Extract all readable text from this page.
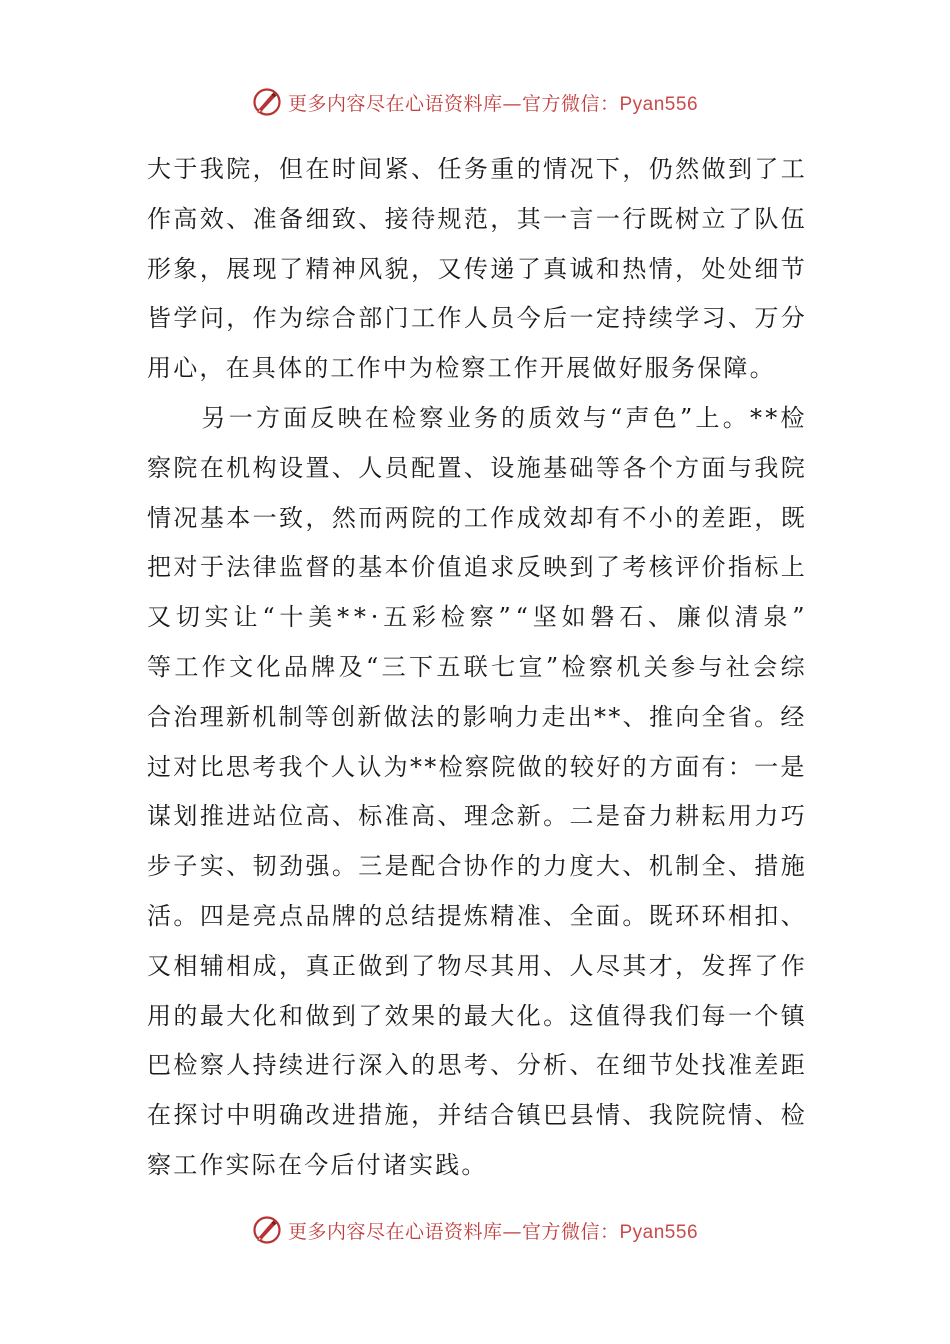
更多内容尽在心语资料库—官方微信：Pyan556
大 于 我 院 ， 但 在 时 间 紧 、 任 务 重 的 情 况 下 ， 仍 然 做 到 了 工
作 高 效 、 准 备 细 致 、 接 待 规 范 ， 其 一 言 一 行 既 树 立 了 队 伍
形 象 ， 展 现 了 精 神 风 貌 ， 又 传 递 了 真 诚 和 热 情 ， 处 处 细 节
皆 学 问 ， 作 为 综 合 部 门 工 作 人 员 今 后 一 定 持 续 学 习 、 万 分
用心，在具体的工作中为检察工作开展做好服务保障。

另 一 方 面 反 映 在 检 察 业 务 的 质 效 与 “ 声 色 ” 上 。 * * 检
察 院 在 机 构 设 置 、 人 员 配 置 、 设 施 基 础 等 各 个 方 面 与 我 院
情 况 基 本 一 致 ， 然 而 两 院 的 工 作 成 效 却 有 不 小 的 差 距 ， 既
把 对 于 法 律 监 督 的 基 本 价 值 追 求 反 映 到 了 考 核 评 价 指 标 上
又 切 实 让 “ 十 美 * * · 五 彩 检 察 ” “ 坚 如 磐 石 、 廉 似 清 泉 ”
等 工 作 文 化 品 牌 及 “ 三 下 五 联 七 宣 ” 检 察 机 关 参 与 社 会 综
合 治 理 新 机 制 等 创 新 做 法 的 影 响 力 走 出 * * 、 推 向 全 省 。 经
过 对 比 思 考 我 个 人 认 为 * * 检 察 院 做 的 较 好 的 方 面 有 ： 一 是
谋 划 推 进 站 位 高 、 标 准 高 、 理 念 新 。 二 是 奋 力 耕 耘 用 力 巧
步 子 实 、 韧 劲 强 。 三 是 配 合 协 作 的 力 度 大 、 机 制 全 、 措 施
活 。 四 是 亮 点 品 牌 的 总 结 提 炼 精 准 、 全 面 。 既 环 环 相 扣 、
又 相 辅 相 成 ， 真 正 做 到 了 物 尽 其 用 、 人 尽 其 才 ， 发 挥 了 作
用 的 最 大 化 和 做 到 了 效 果 的 最 大 化 。 这 值 得 我 们 每 一 个 镇
巴 检 察 人 持 续 进 行 深 入 的 思 考 、 分 析 、 在 细 节 处 找 准 差 距
在 探 讨 中 明 确 改 进 措 施 ， 并 结 合 镇 巴 县 情 、 我 院 院 情 、 检
察工作实际在今后付诸实践。
更多内容尽在心语资料库—官方微信：Pyan556
